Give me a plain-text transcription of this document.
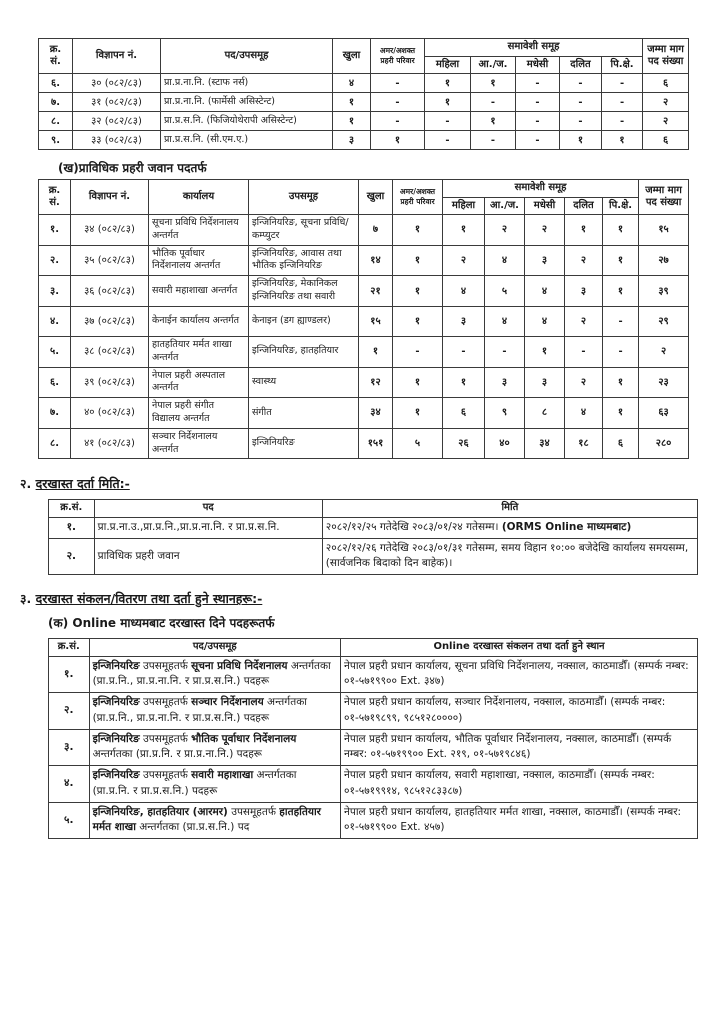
क्र.
सं.	विज्ञापन नं.	पद/उपसमूह	खुला	अमर/अशक्त प्रहरी परिवार	समावेशी समूह					जम्मा माग पद संख्या
					महिला	आ./ज.	मधेसी	दलित	पि.क्षे.	
६.	३० (०८२/८३)	प्रा.प्र.ना.नि. (स्टाफ नर्स)	४	-	१	१	-	-	-	६
७.	३१ (०८२/८३)	प्रा.प्र.ना.नि. (फार्मेसी असिस्टेन्ट)	१	-	१	-	-	-	-	२
८.	३२ (०८२/८३)	प्रा.प्र.स.नि. (फिजियोथेरापी असिस्टेन्ट)	१	-	-	१	-	-	-	२
९.	३३ (०८२/८३)	प्रा.प्र.स.नि. (सी.एम.ए.)	३	१	-	-	-	१	१	६
(ख)प्राविधिक प्रहरी जवान पदतर्फ
क्र.
सं.	विज्ञापन नं.	कार्यालय	उपसमूह	खुला	अमर/अशक्त प्रहरी परिवार	समावेशी समूह					जम्मा माग पद संख्या
						महिला	आ./ज.	मधेसी	दलित	पि.क्षे.	
१.	३४ (०८२/८३)	सूचना प्रविधि निर्देशनालय अन्तर्गत	इन्जिनियरिङ, सूचना प्रविधि/कम्प्युटर	७	१	१	२	२	१	१	१५
२.	३५ (०८२/८३)	भौतिक पूर्वाधार निर्देशनालय अन्तर्गत	इन्जिनियरिङ, आवास तथा भौतिक इन्जिनियरिङ	१४	१	२	४	३	२	१	२७
३.	३६ (०८२/८३)	सवारी महाशाखा अन्तर्गत	इन्जिनियरिङ, मेकानिकल इन्जिनियरिङ तथा सवारी	२१	१	४	५	४	३	१	३९
४.	३७ (०८२/८३)	केनाईन कार्यालय अन्तर्गत	केनाइन (डग ह्याण्डलर)	१५	१	३	४	४	२	-	२९
५.	३८ (०८२/८३)	हातहतियार मर्मत शाखा अन्तर्गत	इन्जिनियरिङ, हातहतियार	१	-	-	-	१	-	-	२
६.	३९ (०८२/८३)	नेपाल प्रहरी अस्पताल अन्तर्गत	स्वास्थ्य	१२	१	१	३	३	२	१	२३
७.	४० (०८२/८३)	नेपाल प्रहरी संगीत विद्यालय अन्तर्गत	संगीत	३४	१	६	९	८	४	१	६३
८.	४१ (०८२/८३)	सञ्चार निर्देशनालय अन्तर्गत	इन्जिनियरिङ	१५१	५	२६	४०	३४	१८	६	२८०
२. दरखास्त दर्ता मिति:-
क्र.सं.	पद	मिति
१.	प्रा.प्र.ना.उ.,प्रा.प्र.नि.,प्रा.प्र.ना.नि. र प्रा.प्र.स.नि.	२०८२/१२/२५ गतेदेखि २०८३/०१/२४ गतेसम्म। (ORMS Online माध्यमबाट)
२.	प्राविधिक प्रहरी जवान	२०८२/१२/२६ गतेदेखि २०८३/०१/३१ गतेसम्म, समय विहान १०:०० बजेदेखि कार्यालय समयसम्म, (सार्वजनिक बिदाको दिन बाहेक)।
३. दरखास्त संकलन/वितरण तथा दर्ता हुने स्थानहरू:-
(क) Online माध्यमबाट दरखास्त दिने पदहरूतर्फ
क्र.सं.	पद/उपसमूह	Online दरखास्त संकलन तथा दर्ता हुने स्थान
१.	इन्जिनियरिङ उपसमूहतर्फ सूचना प्रविधि निर्देशनालय अन्तर्गतका (प्रा.प्र.नि., प्रा.प्र.ना.नि. र प्रा.प्र.स.नि.) पदहरू	नेपाल प्रहरी प्रधान कार्यालय, सूचना प्रविधि निर्देशनालय, नक्साल, काठमाडौँ। (सम्पर्क नम्बर: ०१-५७१९९०० Ext. ३४७)
२.	इन्जिनियरिङ उपसमूहतर्फ सञ्चार निर्देशनालय अन्तर्गतका (प्रा.प्र.नि., प्रा.प्र.ना.नि. र प्रा.प्र.स.नि.) पदहरू	नेपाल प्रहरी प्रधान कार्यालय, सञ्चार निर्देशनालय, नक्साल, काठमाडौँ। (सम्पर्क नम्बर: ०१-५७१९८९९, ९८५१२८००००)
३.	इन्जिनियरिङ उपसमूहतर्फ भौतिक पूर्वाधार निर्देशनालय अन्तर्गतका (प्रा.प्र.नि. र प्रा.प्र.ना.नि.) पदहरू	नेपाल प्रहरी प्रधान कार्यालय, भौतिक पूर्वाधार निर्देशनालय, नक्साल, काठमाडौँ। (सम्पर्क नम्बर: ०१-५७१९९०० Ext. २१९, ०१-५७१९८४६)
४.	इन्जिनियरिङ उपसमूहतर्फ सवारी महाशाखा अन्तर्गतका (प्रा.प्र.नि. र प्रा.प्र.स.नि.) पदहरू	नेपाल प्रहरी प्रधान कार्यालय, सवारी महाशाखा, नक्साल, काठमाडौँ। (सम्पर्क नम्बर: ०१-५७१९९१४, ९८५१२८३३८७)
५.	इन्जिनियरिङ, हातहतियार (आरमर) उपसमूहतर्फ हातहतियार मर्मत शाखा अन्तर्गतका (प्रा.प्र.स.नि.) पद	नेपाल प्रहरी प्रधान कार्यालय, हातहतियार मर्मत शाखा, नक्साल, काठमाडौँ। (सम्पर्क नम्बर: ०१-५७१९९०० Ext. ४५७)
